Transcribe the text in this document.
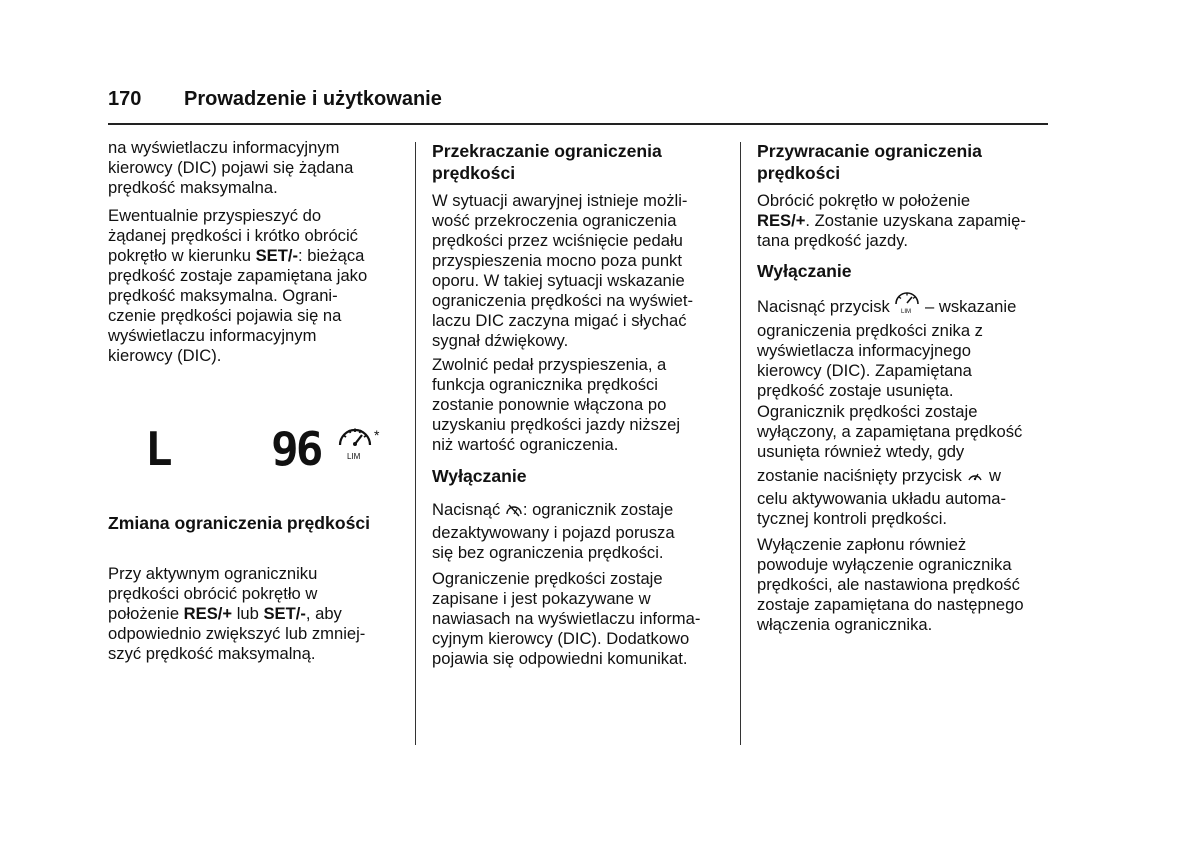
170 Prowadzenie i użytkowanie
na wyświetlaczu informacyjnym
kierowcy (DIC) pojawi się żądana
prędkość maksymalna.
Ewentualnie przyspieszyć do
żądanej prędkości i krótko obrócić
pokrętło w kierunku SET/-: bieżąca
prędkość zostaje zapamiętana jako
prędkość maksymalna. Ograni-
czenie prędkości pojawia się na
wyświetlaczu informacyjnym
kierowcy (DIC).
Zmiana ograniczenia prędkości
Przy aktywnym ograniczniku
prędkości obrócić pokrętło w
położenie RES/+ lub SET/-, aby
odpowiednio zwiększyć lub zmniej-
szyć prędkość maksymalną.
L 96	LIM
*
Przekraczanie ograniczenia
prędkości
W sytuacji awaryjnej istnieje możli-
wość przekroczenia ograniczenia
prędkości przez wciśnięcie pedału
przyspieszenia mocno poza punkt
oporu. W takiej sytuacji wskazanie
ograniczenia prędkości na wyświet-
laczu DIC zaczyna migać i słychać
sygnał dźwiękowy.
Zwolnić pedał przyspieszenia, a
funkcja ogranicznika prędkości
zostanie ponownie włączona po
uzyskaniu prędkości jazdy niższej
niż wartość ograniczenia.
Wyłączanie
Nacisnąć : ogranicznik zostaje
dezaktywowany i pojazd porusza
się bez ograniczenia prędkości.
Ograniczenie prędkości zostaje
zapisane i jest pokazywane w
nawiasach na wyświetlaczu informa-
cyjnym kierowcy (DIC). Dodatkowo
pojawia się odpowiedni komunikat.
Przywracanie ograniczenia
prędkości
Obrócić pokrętło w położenie
RES/+. Zostanie uzyskana zapamię-
tana prędkość jazdy.
Wyłączanie
Nacisnąć przycisk LIM – wskazanie
ograniczenia prędkości znika z
wyświetlacza informacyjnego
kierowcy (DIC). Zapamiętana
prędkość zostaje usunięta.
Ogranicznik prędkości zostaje
wyłączony, a zapamiętana prędkość
usunięta również wtedy, gdy
zostanie naciśnięty przycisk  w
celu aktywowania układu automa-
tycznej kontroli prędkości.
Wyłączenie zapłonu również
powoduje wyłączenie ogranicznika
prędkości, ale nastawiona prędkość
zostaje zapamiętana do następnego
włączenia ogranicznika.
